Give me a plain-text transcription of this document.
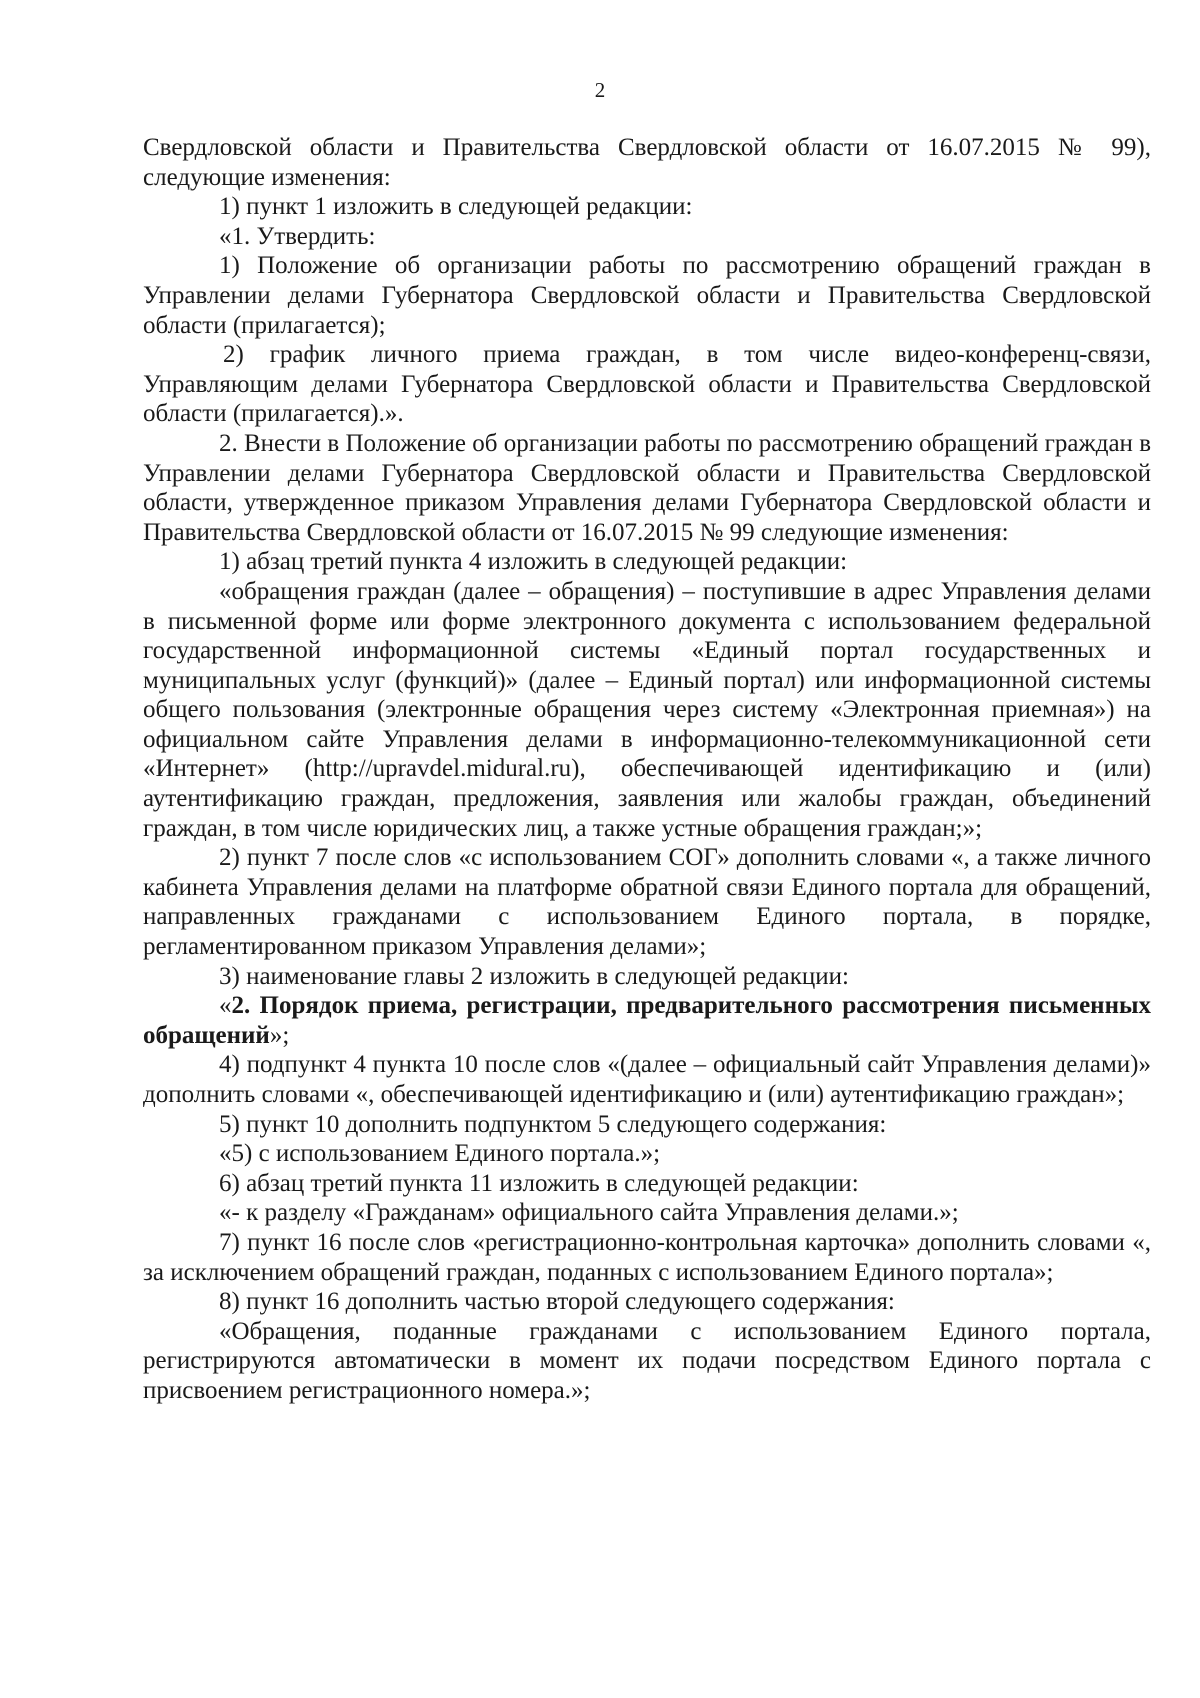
2

Свердловской области и Правительства Свердловской области от 16.07.2015 № 99), следующие изменения:

1) пункт 1 изложить в следующей редакции:

«1. Утвердить:

1) Положение об организации работы по рассмотрению обращений граждан в Управлении делами Губернатора Свердловской области и Правительства Свердловской области (прилагается);

2) график личного приема граждан, в том числе видео-конференц-связи, Управляющим делами Губернатора Свердловской области и Правительства Свердловской области (прилагается).».

2. Внести в Положение об организации работы по рассмотрению обращений граждан в Управлении делами Губернатора Свердловской области и Правительства Свердловской области, утвержденное приказом Управления делами Губернатора Свердловской области и Правительства Свердловской области от 16.07.2015 № 99 следующие изменения:

1) абзац третий пункта 4 изложить в следующей редакции:

«обращения граждан (далее – обращения) – поступившие в адрес Управления делами в письменной форме или форме электронного документа с использованием федеральной государственной информационной системы «Единый портал государственных и муниципальных услуг (функций)» (далее – Единый портал) или информационной системы общего пользования (электронные обращения через систему «Электронная приемная») на официальном сайте Управления делами в информационно-телекоммуникационной сети «Интернет» (http://upravdel.midural.ru), обеспечивающей идентификацию и (или) аутентификацию граждан, предложения, заявления или жалобы граждан, объединений граждан, в том числе юридических лиц, а также устные обращения граждан;»;

2) пункт 7 после слов «с использованием СОГ» дополнить словами «, а также личного кабинета Управления делами на платформе обратной связи Единого портала для обращений, направленных гражданами с использованием Единого портала, в порядке, регламентированном приказом Управления делами»;

3) наименование главы 2 изложить в следующей редакции:

«2. Порядок приема, регистрации, предварительного рассмотрения письменных обращений»;

4) подпункт 4 пункта 10 после слов «(далее – официальный сайт Управления делами)» дополнить словами «, обеспечивающей идентификацию и (или) аутентификацию граждан»;

5) пункт 10 дополнить подпунктом 5 следующего содержания:

«5) с использованием Единого портала.»;

6) абзац третий пункта 11 изложить в следующей редакции:

«- к разделу «Гражданам» официального сайта Управления делами.»;

7) пункт 16 после слов «регистрационно-контрольная карточка» дополнить словами «, за исключением обращений граждан, поданных с использованием Единого портала»;

8) пункт 16 дополнить частью второй следующего содержания:

«Обращения, поданные гражданами с использованием Единого портала, регистрируются автоматически в момент их подачи посредством Единого портала с присвоением регистрационного номера.»;
